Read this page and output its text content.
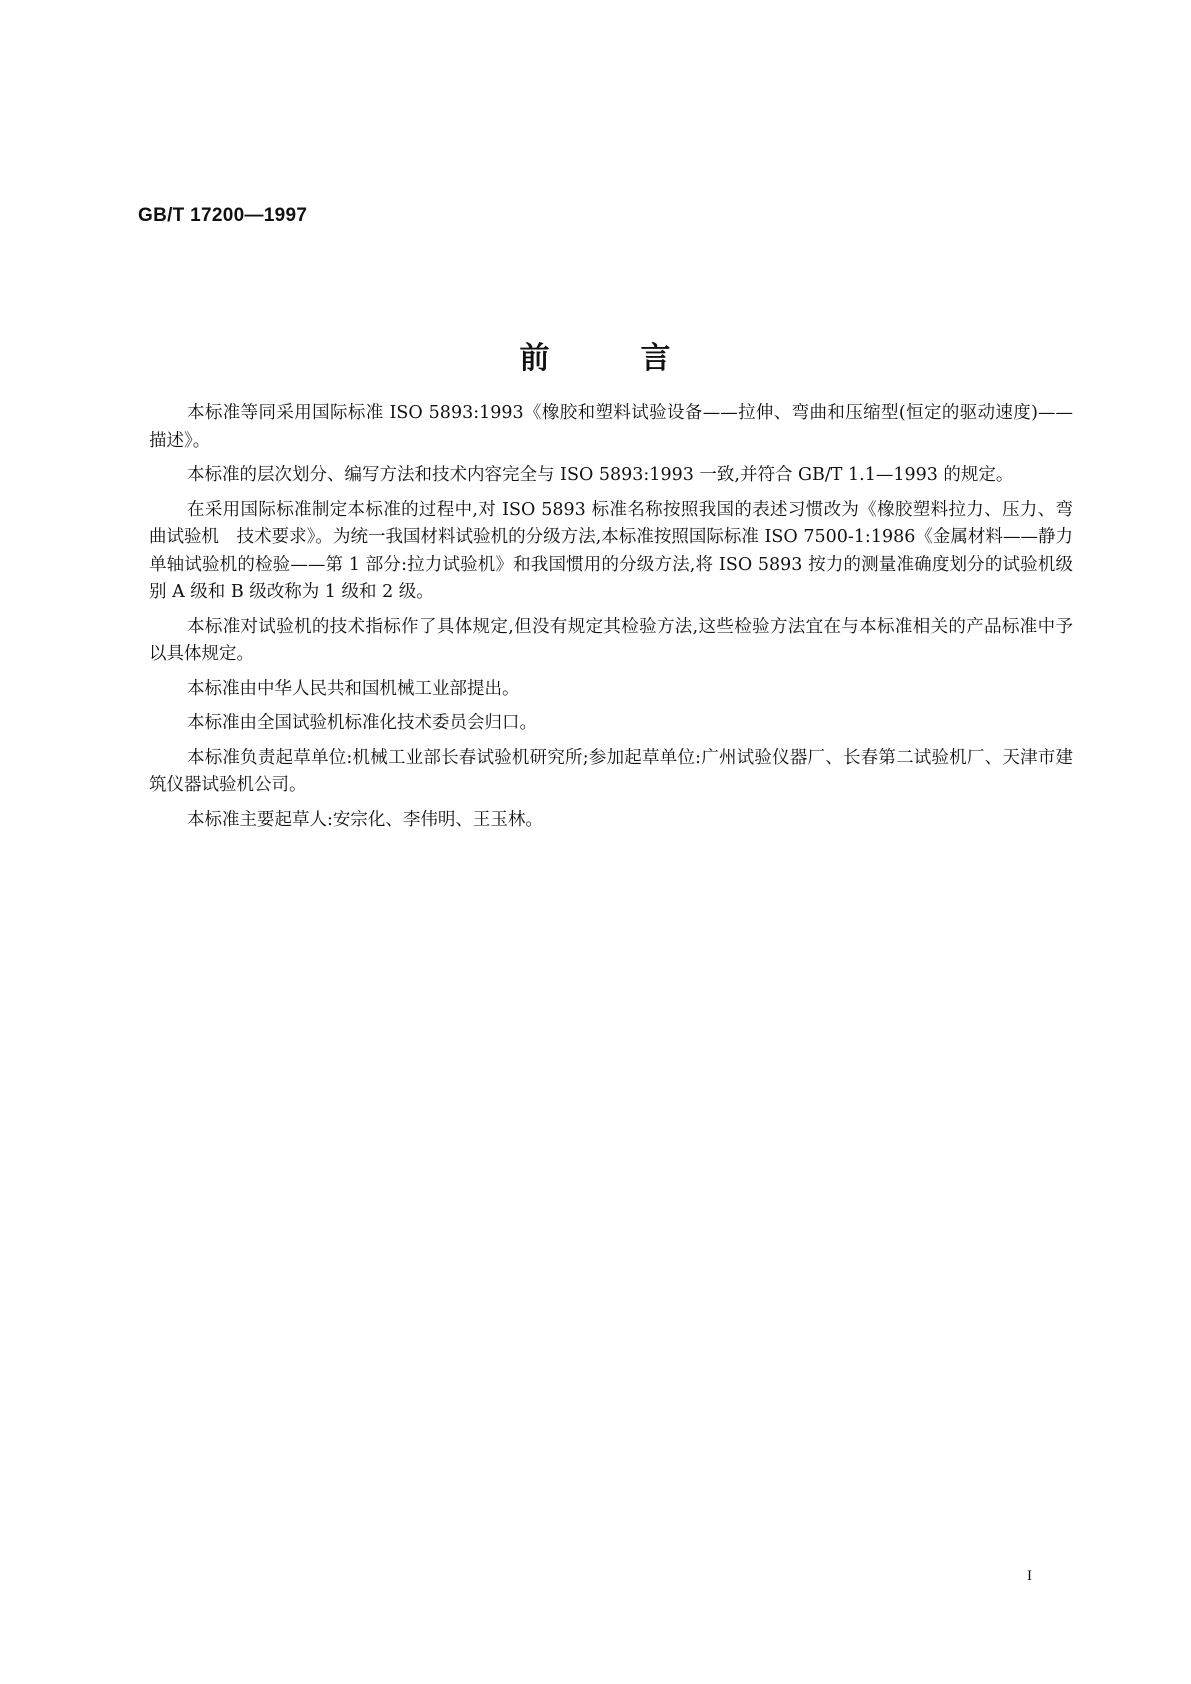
GB/T 17200—1997
前	言

本标准等同采用国际标准 ISO 5893:1993《橡胶和塑料试验设备——拉伸、弯曲和压缩型(恒定的驱动速度)——描述》。

本标准的层次划分、编写方法和技术内容完全与 ISO 5893:1993 一致,并符合 GB/T 1.1—1993 的规定。

在采用国际标准制定本标准的过程中,对 ISO 5893 标准名称按照我国的表述习惯改为《橡胶塑料拉力、压力、弯曲试验机　技术要求》。为统一我国材料试验机的分级方法,本标准按照国际标准 ISO 7500-1:1986《金属材料——静力单轴试验机的检验——第 1 部分:拉力试验机》和我国惯用的分级方法,将 ISO 5893 按力的测量准确度划分的试验机级别 A 级和 B 级改称为 1 级和 2 级。

本标准对试验机的技术指标作了具体规定,但没有规定其检验方法,这些检验方法宜在与本标准相关的产品标准中予以具体规定。

本标准由中华人民共和国机械工业部提出。

本标准由全国试验机标准化技术委员会归口。

本标准负责起草单位:机械工业部长春试验机研究所;参加起草单位:广州试验仪器厂、长春第二试验机厂、天津市建筑仪器试验机公司。

本标准主要起草人:安宗化、李伟明、王玉林。

I
